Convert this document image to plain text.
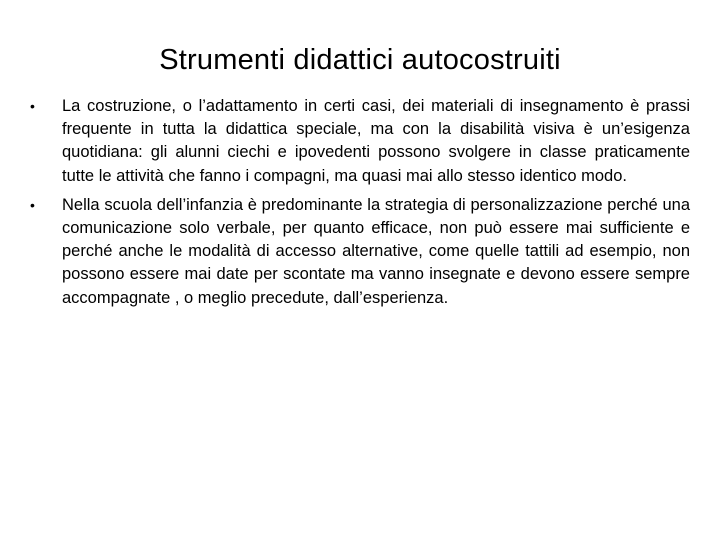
Strumenti didattici autocostruiti
•	La costruzione, o l’adattamento in certi casi, dei materiali di insegnamento è prassi frequente in tutta la didattica speciale, ma con la disabilità visiva è un’esigenza quotidiana: gli alunni ciechi e ipovedenti possono svolgere in classe praticamente tutte le attività che fanno i compagni, ma quasi mai allo stesso identico modo.
•	Nella scuola dell’infanzia è predominante la strategia di personalizzazione perché una comunicazione solo verbale, per quanto efficace, non può essere mai sufficiente e perché anche le modalità di accesso alternative, come quelle tattili ad esempio, non possono essere mai date per scontate ma vanno insegnate e devono essere sempre accompagnate , o meglio precedute, dall’esperienza.
